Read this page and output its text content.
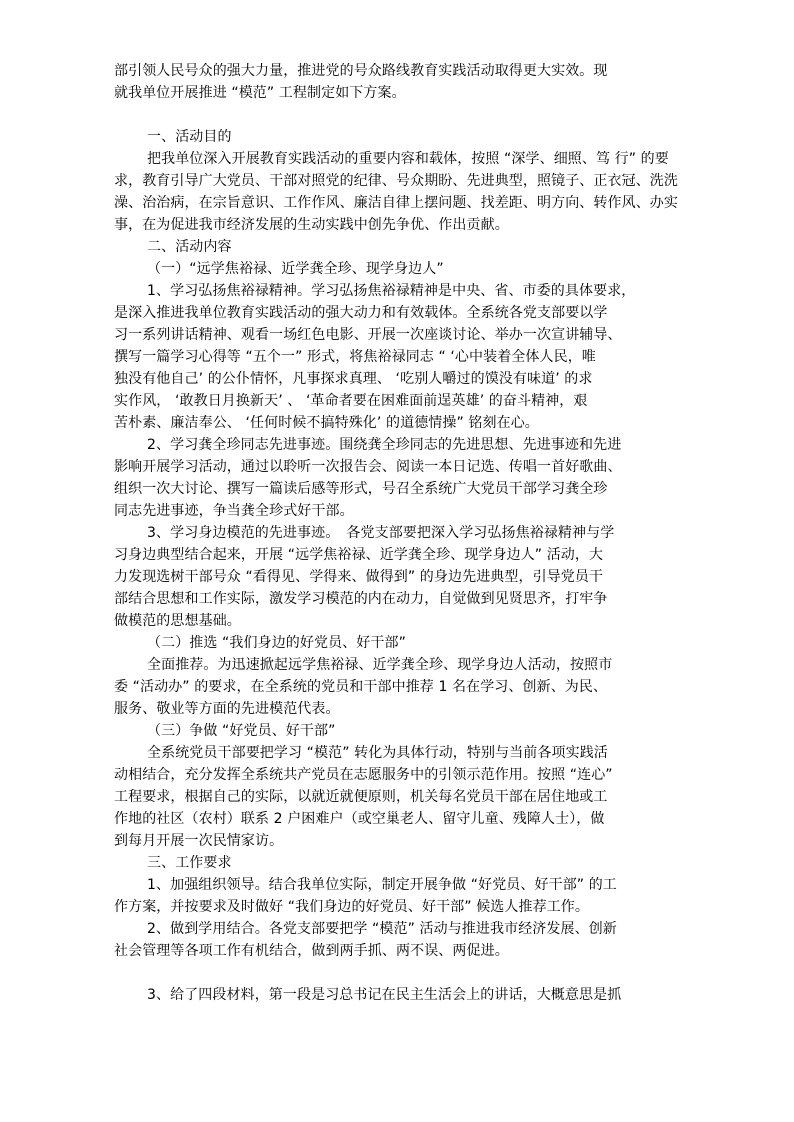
部引领人民号众的强大力量，推进党的号众路线教育实践活动取得更大实效。现
就我单位开展推进 “模范” 工程制定如下方案。
一、活动目的
把我单位深入开展教育实践活动的重要内容和载体，按照 “深学、细照、笃 行” 的要
求，教育引导广大党员、干部对照党的纪律、号众期盼、先进典型，照镜子、正衣冠、洗洗
澡、治治病，在宗旨意识、工作作风、廉洁自律上摆问题、找差距、明方向、转作风、办实
事，在为促进我市经济发展的生动实践中创先争优、作出贡献。
二、活动内容
（一）“远学焦裕禄、近学龚全珍、现学身边人”
1、学习弘扬焦裕禄精神。学习弘扬焦裕禄精神是中央、省、市委的具体要求，
是深入推进我单位教育实践活动的强大动力和有效载体。全系统各党支部要以学
习一系列讲话精神、观看一场红色电影、开展一次座谈讨论、举办一次宣讲辅导、
撰写一篇学习心得等 “五个一” 形式，将焦裕禄同志 “ ‘心中装着全体人民，唯
独没有他自己’ 的公仆情怀，凡事探求真理、 ‘吃别人嚼过的馍没有味道’ 的求
实作风， ‘敢教日月换新天’ 、 ‘革命者要在困难面前逞英雄’ 的奋斗精神，艰
苦朴素、廉洁奉公、 ‘任何时候不搞特殊化’ 的道德情操” 铭刻在心。
2、学习龚全珍同志先进事迹。围绕龚全珍同志的先进思想、先进事迹和先进
影响开展学习活动，通过以聆听一次报告会、阅读一本日记选、传唱一首好歌曲、
组织一次大讨论、撰写一篇读后感等形式，号召全系统广大党员干部学习龚全珍
同志先进事迹，争当龚全珍式好干部。
3、学习身边模范的先进事迹。　各党支部要把深入学习弘扬焦裕禄精神与学
习身边典型结合起来，开展 “远学焦裕禄、近学龚全珍、现学身边人” 活动，大
力发现选树干部号众 “看得见、学得来、做得到” 的身边先进典型，引导党员干
部结合思想和工作实际，激发学习模范的内在动力，自觉做到见贤思齐，打牢争
做模范的思想基础。
（二）推选 “我们身边的好党员、好干部”
全面推荐。为迅速掀起远学焦裕禄、近学龚全珍、现学身边人活动，按照市
委 “活动办” 的要求，在全系统的党员和干部中推荐 1 名在学习、创新、为民、
服务、敬业等方面的先进模范代表。
（三）争做 “好党员、好干部”
全系统党员干部要把学习 “模范” 转化为具体行动，特别与当前各项实践活
动相结合，充分发挥全系统共产党员在志愿服务中的引领示范作用。按照 “连心”
工程要求，根据自己的实际，以就近就便原则，机关每名党员干部在居住地或工
作地的社区（农村）联系 2 户困难户（或空巢老人、留守儿童、残障人士），做
到每月开展一次民情家访。
三、工作要求
1、加强组织领导。结合我单位实际，制定开展争做 “好党员、好干部” 的工
作方案，并按要求及时做好 “我们身边的好党员、好干部” 候选人推荐工作。
2、做到学用结合。各党支部要把学 “模范” 活动与推进我市经济发展、创新
社会管理等各项工作有机结合，做到两手抓、两不误、两促进。
3、给了四段材料，第一段是习总书记在民主生活会上的讲话，大概意思是抓
